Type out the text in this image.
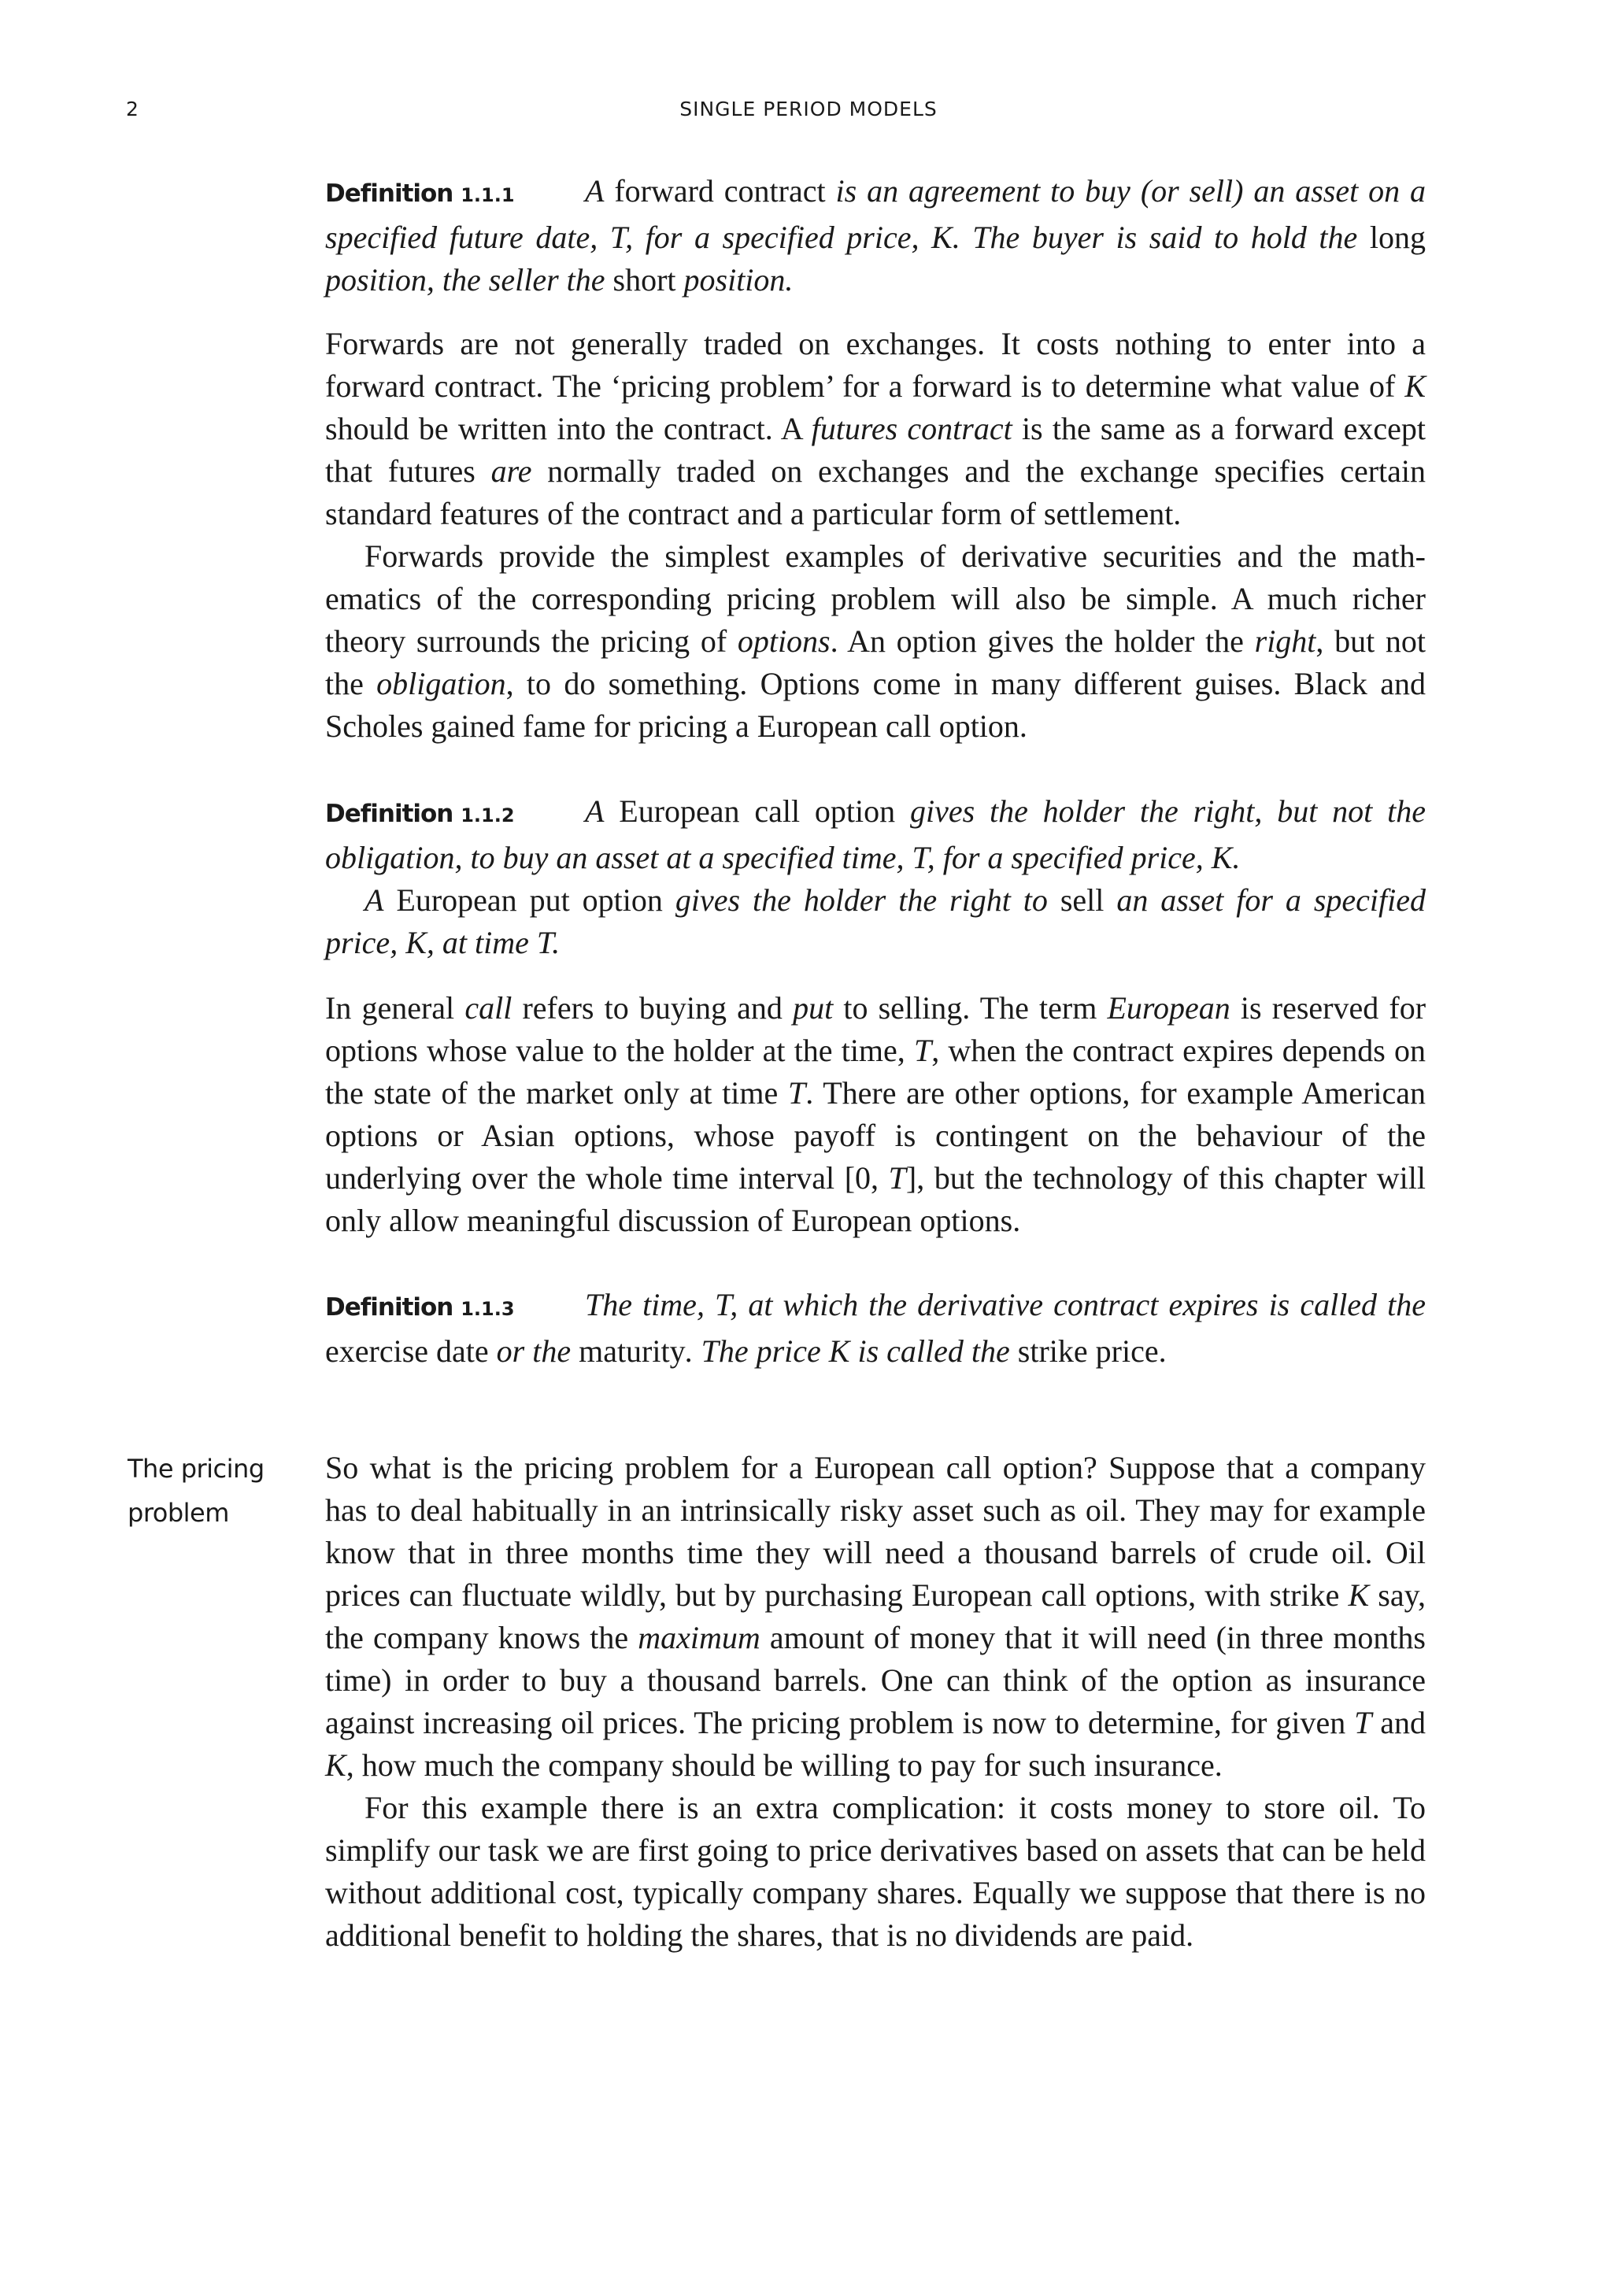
2	SINGLE PERIOD MODELS

Definition 1.1.1 A forward contract is an agreement to buy (or sell) an asset on a specified future date, T, for a specified price, K. The buyer is said to hold the long position, the seller the short position.

Forwards are not generally traded on exchanges. It costs nothing to enter into a forward contract. The ‘pricing problem’ for a forward is to determine what value of K should be written into the contract. A futures contract is the same as a forward except that futures are normally traded on exchanges and the exchange specifies certain standard features of the contract and a particular form of settlement.

Forwards provide the simplest examples of derivative securities and the mathematics of the corresponding pricing problem will also be simple. A much richer theory surrounds the pricing of options. An option gives the holder the right, but not the obligation, to do something. Options come in many different guises. Black and Scholes gained fame for pricing a European call option.

Definition 1.1.2 A European call option gives the holder the right, but not the obligation, to buy an asset at a specified time, T, for a specified price, K.

A European put option gives the holder the right to sell an asset for a specified price, K, at time T.

In general call refers to buying and put to selling. The term European is reserved for options whose value to the holder at the time, T, when the contract expires depends on the state of the market only at time T. There are other options, for example American options or Asian options, whose payoff is contingent on the behaviour of the underlying over the whole time interval [0, T], but the technology of this chapter will only allow meaningful discussion of European options.

Definition 1.1.3 The time, T, at which the derivative contract expires is called the exercise date or the maturity. The price K is called the strike price.

So what is the pricing problem for a European call option? Suppose that a company has to deal habitually in an intrinsically risky asset such as oil. They may for example know that in three months time they will need a thousand barrels of crude oil. Oil prices can fluctuate wildly, but by purchasing European call options, with strike K say, the company knows the maximum amount of money that it will need (in three months time) in order to buy a thousand barrels. One can think of the option as insurance against increasing oil prices. The pricing problem is now to determine, for given T and K, how much the company should be willing to pay for such insurance.

For this example there is an extra complication: it costs money to store oil. To simplify our task we are first going to price derivatives based on assets that can be held without additional cost, typically company shares. Equally we suppose that there is no additional benefit to holding the shares, that is no dividends are paid.

The pricing
problem
